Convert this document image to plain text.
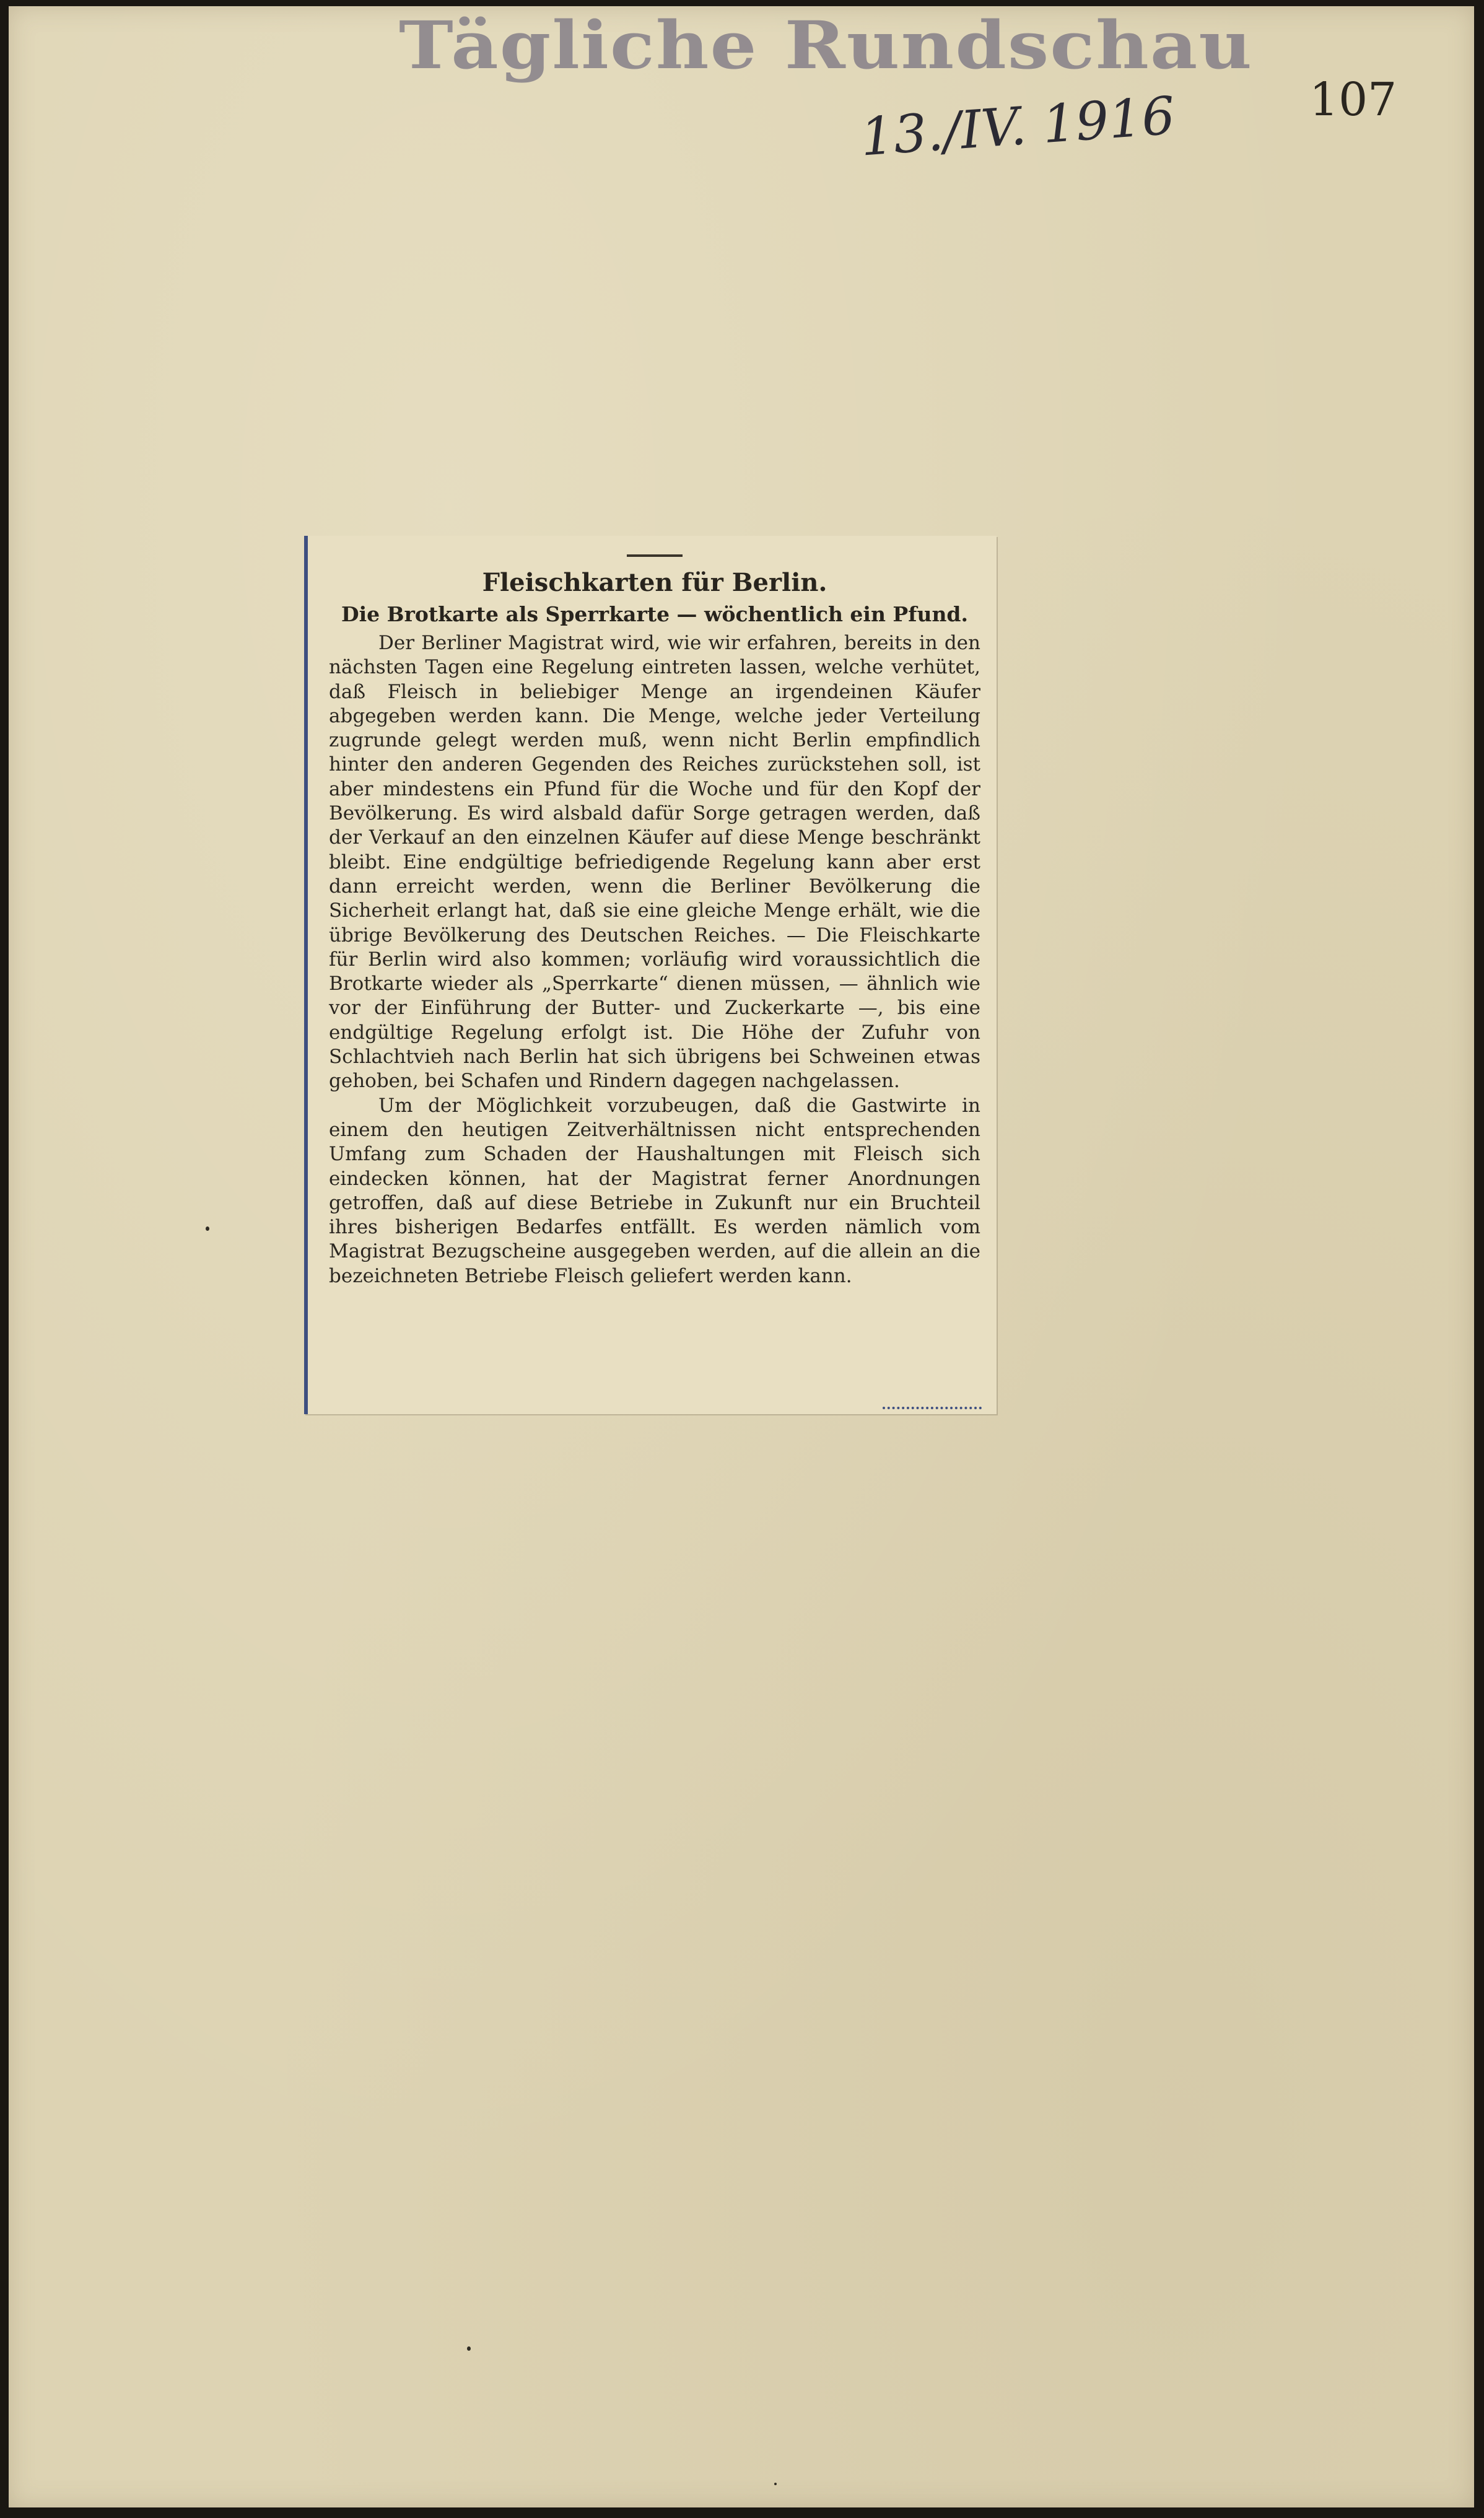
Tägliche Rundschau
13./IV. 1916	107
Fleischkarten für Berlin.
Die Brotkarte als Sperrkarte — wöchentlich ein Pfund.

Der Berliner Magistrat wird, wie wir erfahren, bereits in den nächsten Tagen eine Regelung eintreten lassen, welche verhütet, daß Fleisch in beliebiger Menge an irgendeinen Käufer abgegeben werden kann. Die Menge, welche jeder Verteilung zugrunde gelegt werden muß, wenn nicht Berlin empfindlich hinter den anderen Gegenden des Reiches zurückstehen soll, ist aber mindestens ein Pfund für die Woche und für den Kopf der Bevölkerung. Es wird alsbald dafür Sorge getragen werden, daß der Verkauf an den einzelnen Käufer auf diese Menge beschränkt bleibt. Eine endgültige befriedigende Regelung kann aber erst dann erreicht werden, wenn die Berliner Bevölkerung die Sicherheit erlangt hat, daß sie eine gleiche Menge erhält, wie die übrige Bevölkerung des Deutschen Reiches. — Die Fleischkarte für Berlin wird also kommen; vorläufig wird voraussichtlich die Brotkarte wieder als „Sperrkarte“ dienen müssen, — ähnlich wie vor der Einführung der Butter- und Zuckerkarte —, bis eine endgültige Regelung erfolgt ist. Die Höhe der Zufuhr von Schlachtvieh nach Berlin hat sich übrigens bei Schweinen etwas gehoben, bei Schafen und Rindern dagegen nachgelassen.

Um der Möglichkeit vorzubeugen, daß die Gastwirte in einem den heutigen Zeitverhältnissen nicht entsprechenden Umfang zum Schaden der Haushaltungen mit Fleisch sich eindecken können, hat der Magistrat ferner Anordnungen getroffen, daß auf diese Betriebe in Zukunft nur ein Bruchteil ihres bisherigen Bedarfes entfällt. Es werden nämlich vom Magistrat Bezugscheine ausgegeben werden, auf die allein an die bezeichneten Betriebe Fleisch geliefert werden kann.
